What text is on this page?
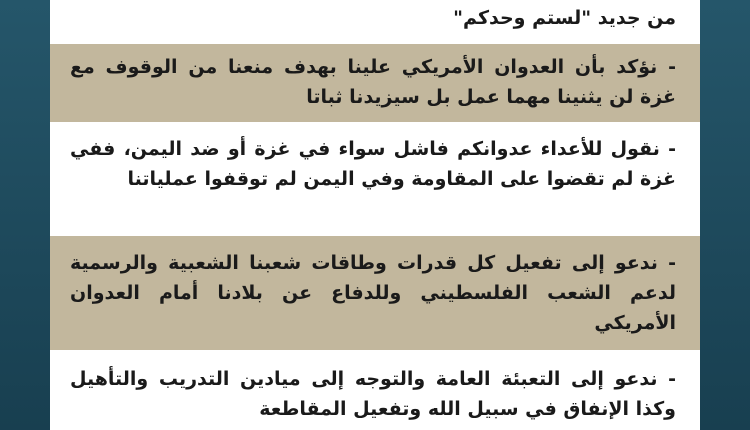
من جديد "لستم وحدكم"
- نؤكد بأن العدوان الأمريكي علينا بهدف منعنا من الوقوف مع غزة لن يثنينا مهما عمل بل سيزيدنا ثباتا
- نقول للأعداء عدوانكم فاشل سواء في غزة أو ضد اليمن، ففي غزة لم تقضوا على المقاومة وفي اليمن لم توقفوا عملياتنا
- ندعو إلى تفعيل كل قدرات وطاقات شعبنا الشعبية والرسمية لدعم الشعب الفلسطيني وللدفاع عن بلادنا أمام العدوان الأمريكي
- ندعو إلى التعبئة العامة والتوجه إلى ميادين التدريب والتأهيل وكذا الإنفاق في سبيل الله وتفعيل المقاطعة
